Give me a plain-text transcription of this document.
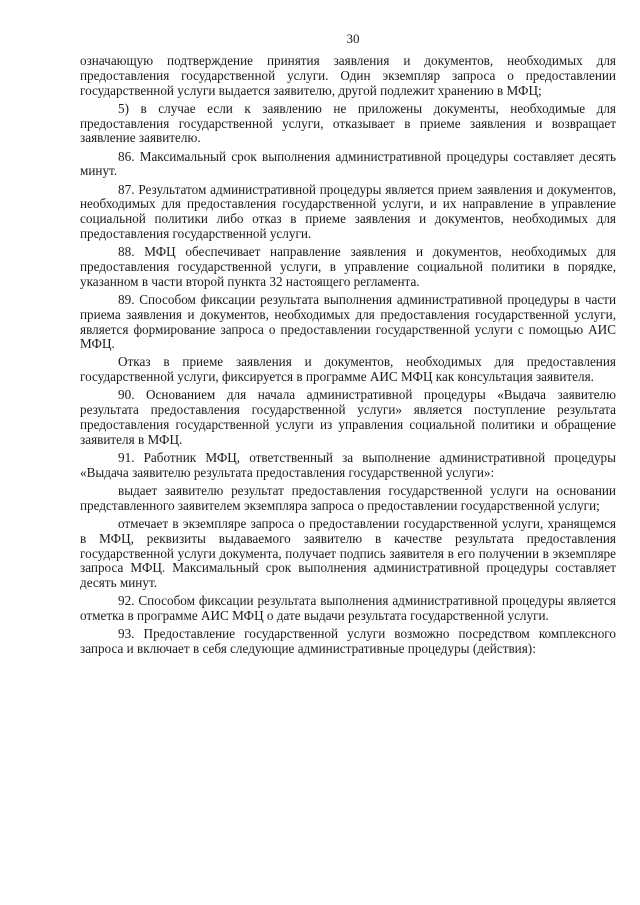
30

означающую подтверждение принятия заявления и документов, необходимых для предоставления государственной услуги. Один экземпляр запроса о предоставлении государственной услуги выдается заявителю, другой подлежит хранению в МФЦ;

5) в случае если к заявлению не приложены документы, необходимые для предоставления государственной услуги, отказывает в приеме заявления и возвращает заявление заявителю.

86. Максимальный срок выполнения административной процедуры составляет десять минут.

87. Результатом административной процедуры является прием заявления и документов, необходимых для предоставления государственной услуги, и их направление в управление социальной политики либо отказ в приеме заявления и документов, необходимых для предоставления государственной услуги.

88. МФЦ обеспечивает направление заявления и документов, необходимых для предоставления государственной услуги, в управление социальной политики в порядке, указанном в части второй пункта 32 настоящего регламента.

89. Способом фиксации результата выполнения административной процедуры в части приема заявления и документов, необходимых для предоставления государственной услуги, является формирование запроса о предоставлении государственной услуги с помощью АИС МФЦ.

Отказ в приеме заявления и документов, необходимых для предоставления государственной услуги, фиксируется в программе АИС МФЦ как консультация заявителя.

90. Основанием для начала административной процедуры «Выдача заявителю результата предоставления государственной услуги» является поступление результата предоставления государственной услуги из управления социальной политики и обращение заявителя в МФЦ.

91. Работник МФЦ, ответственный за выполнение административной процедуры «Выдача заявителю результата предоставления государственной услуги»:

выдает заявителю результат предоставления государственной услуги на основании представленного заявителем экземпляра запроса о предоставлении государственной услуги;

отмечает в экземпляре запроса о предоставлении государственной услуги, хранящемся в МФЦ, реквизиты выдаваемого заявителю в качестве результата предоставления государственной услуги документа, получает подпись заявителя в его получении в экземпляре запроса МФЦ. Максимальный срок выполнения административной процедуры составляет десять минут.

92. Способом фиксации результата выполнения административной процедуры является отметка в программе АИС МФЦ о дате выдачи результата государственной услуги.

93. Предоставление государственной услуги возможно посредством комплексного запроса и включает в себя следующие административные процедуры (действия):
